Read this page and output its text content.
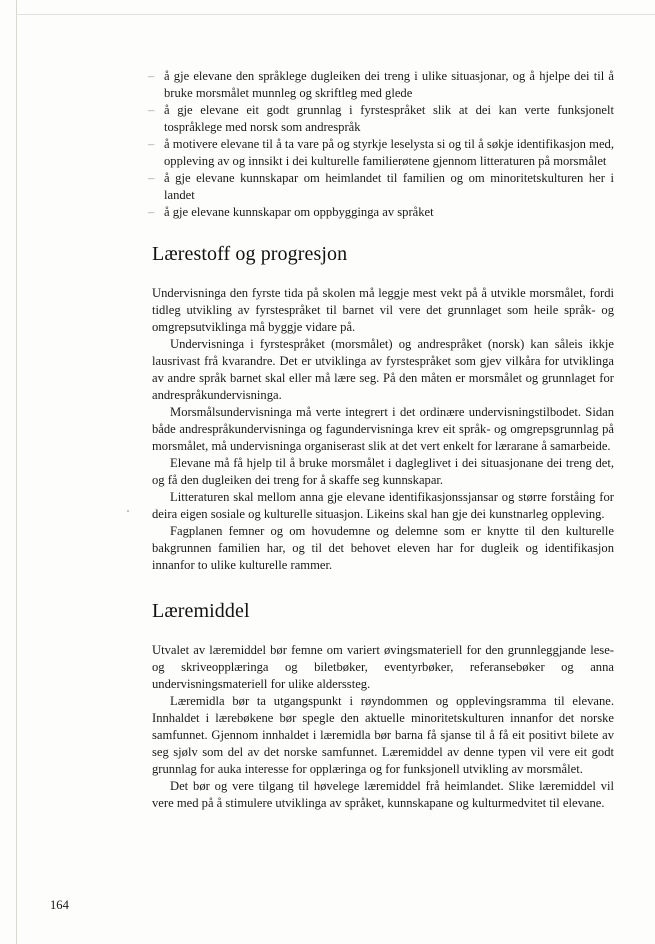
– å gje elevane den språklege dugleiken dei treng i ulike situasjonar, og å hjelpe dei til å bruke morsmålet munnleg og skriftleg med glede
– å gje elevane eit godt grunnlag i fyrstespråket slik at dei kan verte funksjonelt tospråklege med norsk som andrespråk
– å motivere elevane til å ta vare på og styrkje leselysta si og til å søkje identifikasjon med, oppleving av og innsikt i dei kulturelle familierøtene gjennom litteraturen på morsmålet
– å gje elevane kunnskapar om heimlandet til familien og om minoritetskulturen her i landet
– å gje elevane kunnskapar om oppbygginga av språket
Lærestoff og progresjon

Undervisninga den fyrste tida på skolen må leggje mest vekt på å utvikle morsmålet, fordi tidleg utvikling av fyrstespråket til barnet vil vere det grunnlaget som heile språk- og omgrepsutviklinga må byggje vidare på.

Undervisninga i fyrstespråket (morsmålet) og andrespråket (norsk) kan såleis ikkje lausrivast frå kvarandre. Det er utviklinga av fyrstespråket som gjev vilkåra for utviklinga av andre språk barnet skal eller må lære seg. På den måten er morsmålet og grunnlaget for andrespråkundervisninga.

Morsmålsundervisninga må verte integrert i det ordinære undervisningstilbodet. Sidan både andrespråkundervisninga og fagundervisninga krev eit språk- og omgrepsgrunnlag på morsmålet, må undervisninga organiserast slik at det vert enkelt for lærarane å samarbeide.

Elevane må få hjelp til å bruke morsmålet i dagleglivet i dei situasjonane dei treng det, og få den dugleiken dei treng for å skaffe seg kunnskapar.

Litteraturen skal mellom anna gje elevane identifikasjonssjansar og større forståing for deira eigen sosiale og kulturelle situasjon. Likeins skal han gje dei kunstnarleg oppleving.

Fagplanen femner og om hovudemne og delemne som er knytte til den kulturelle bakgrunnen familien har, og til det behovet eleven har for dugleik og identifikasjon innanfor to ulike kulturelle rammer.

Læremiddel

Utvalet av læremiddel bør femne om variert øvingsmateriell for den grunnleggjande lese- og skriveopplæringa og biletbøker, eventyrbøker, referansebøker og anna undervisningsmateriell for ulike alderssteg.

Læremidla bør ta utgangspunkt i røyndommen og opplevingsramma til elevane. Innhaldet i lærebøkene bør spegle den aktuelle minoritetskulturen innanfor det norske samfunnet. Gjennom innhaldet i læremidla bør barna få sjanse til å få eit positivt bilete av seg sjølv som del av det norske samfunnet. Læremiddel av denne typen vil vere eit godt grunnlag for auka interesse for opplæringa og for funksjonell utvikling av morsmålet.

Det bør og vere tilgang til høvelege læremiddel frå heimlandet. Slike læremiddel vil vere med på å stimulere utviklinga av språket, kunnskapane og kulturmedvitet til elevane.

164
